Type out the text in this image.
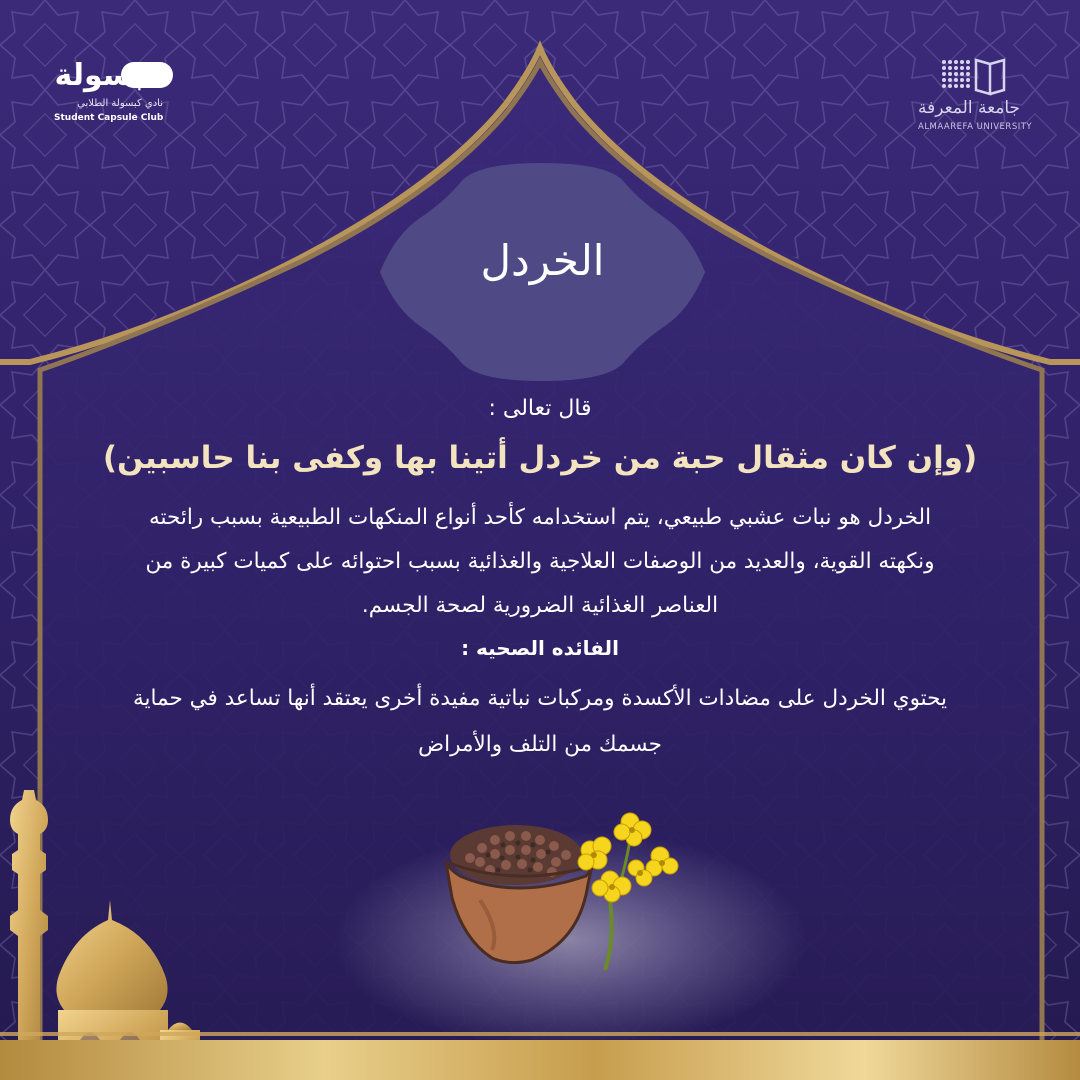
كبسولة
نادي كبسولة الطلابي
Student Capsule Club	جامعة المعرفة
ALMAAREFA UNIVERSITY
الخردل
قال تعالى :
(وإن كان مثقال حبة من خردل أتينا بها وكفى بنا حاسبين)
الخردل هو نبات عشبي طبيعي، يتم استخدامه كأحد أنواع المنكهات الطبيعية بسبب رائحته ونكهته القوية، والعديد من الوصفات العلاجية والغذائية بسبب احتوائه على كميات كبيرة من العناصر الغذائية الضرورية لصحة الجسم.
الفائده الصحيه :
يحتوي الخردل على مضادات الأكسدة ومركبات نباتية مفيدة أخرى يعتقد أنها تساعد في حماية جسمك من التلف والأمراض
